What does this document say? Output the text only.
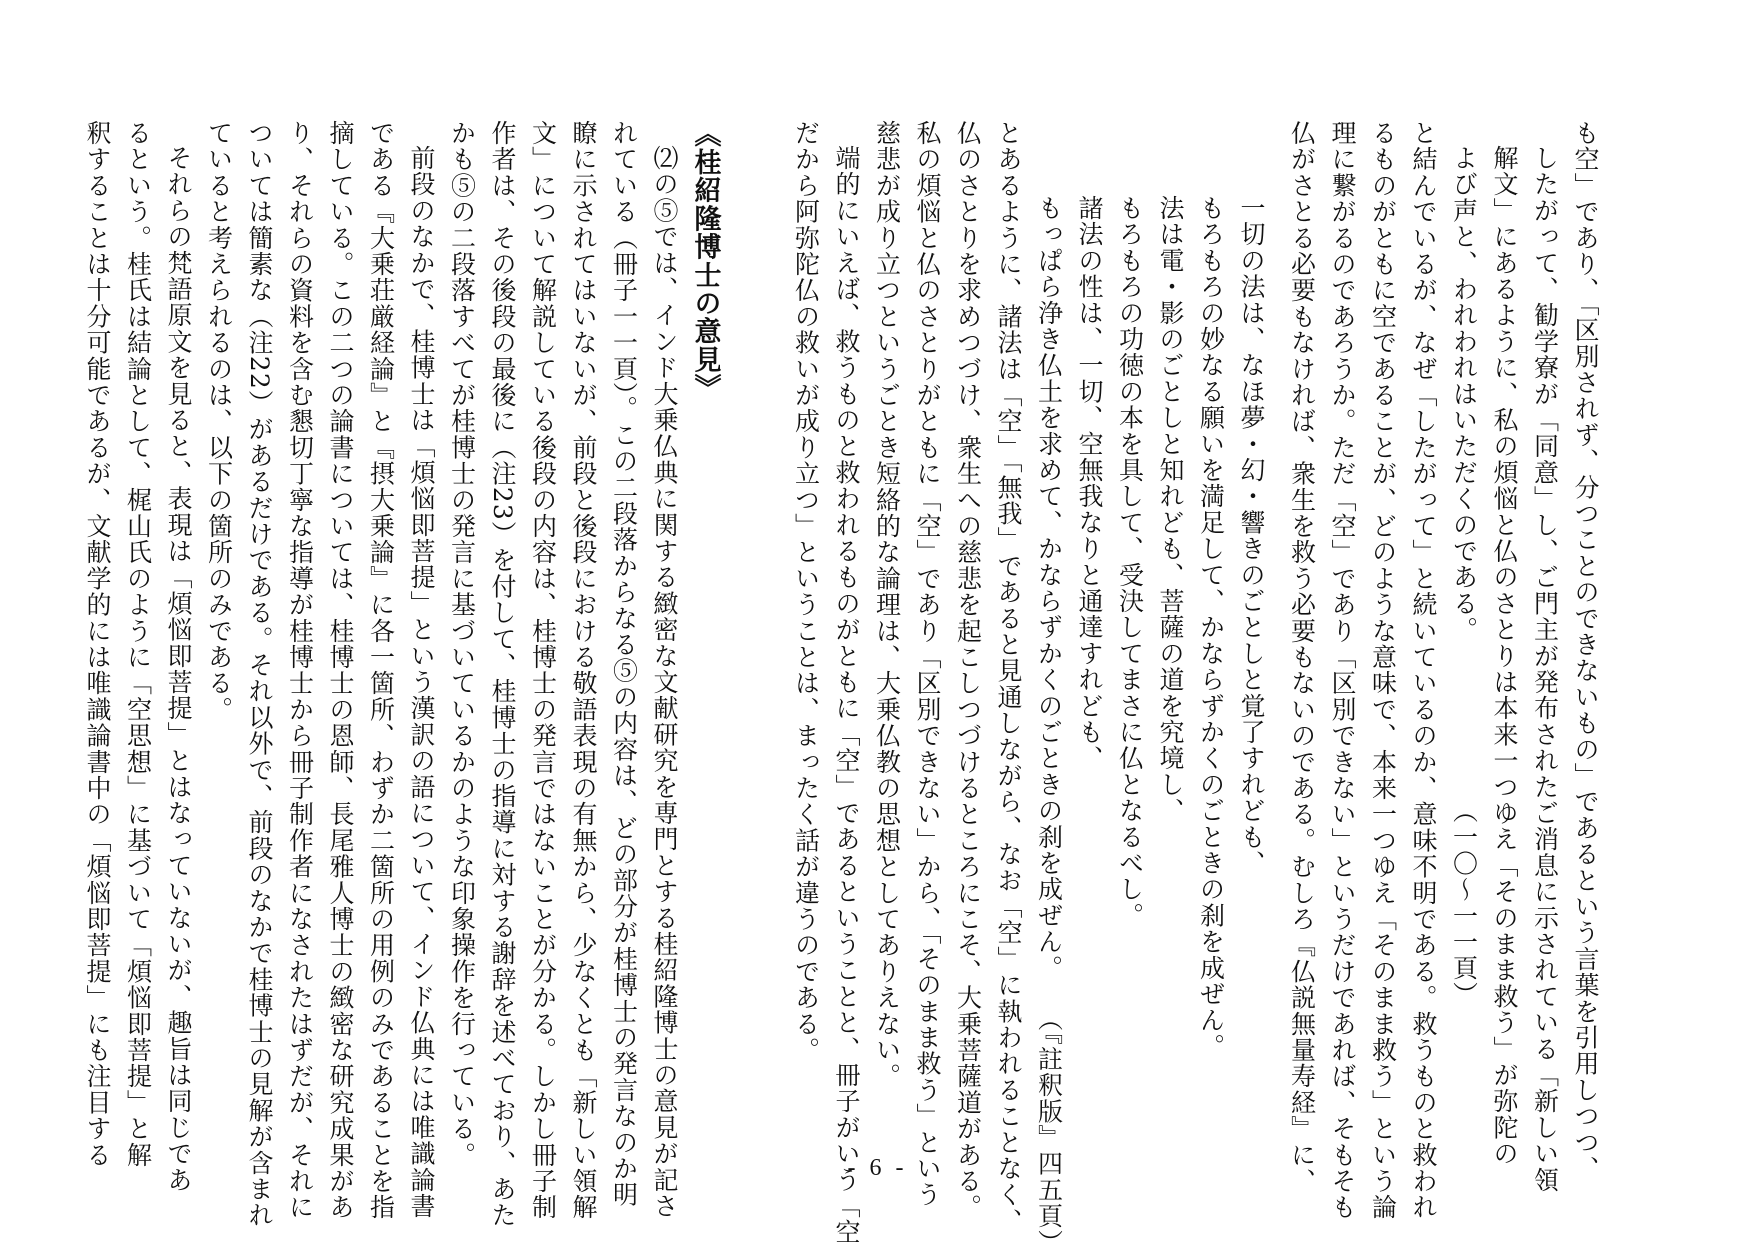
も空」であり、「区別されず、分つことのできないもの」であるという言葉を引用しつつ、
したがって、勧学寮が「同意」し、ご門主が発布されたご消息に示されている「新しい領
解文」にあるように、私の煩悩と仏のさとりは本来一つゆえ「そのまま救う」が弥陀の
よび声と、われわれはいただくのである。（一〇～一一頁）
と結んでいるが、なぜ「したがって」と続いているのか、意味不明である。救うものと救われ
るものがともに空であることが、どのような意味で、本来一つゆえ「そのまま救う」という論
理に繋がるのであろうか。ただ「空」であり「区別できない」というだけであれば、そもそも
仏がさとる必要もなければ、衆生を救う必要もないのである。むしろ『仏説無量寿経』に、
一切の法は、なほ夢・幻・響きのごとしと覚了すれども、
もろもろの妙なる願いを満足して、かならずかくのごときの刹を成ぜん。
法は電・影のごとしと知れども、菩薩の道を究境し、
もろもろの功徳の本を具して、受決してまさに仏となるべし。
諸法の性は、一切、空無我なりと通達すれども、
もっぱら浄き仏土を求めて、かならずかくのごときの刹を成ぜん。（『註釈版』四五頁）
とあるように、諸法は「空」「無我」であると見通しながら、なお「空」に執われることなく、
仏のさとりを求めつづけ、衆生への慈悲を起こしつづけるところにこそ、大乗菩薩道がある。
私の煩悩と仏のさとりがともに「空」であり「区別できない」から、「そのまま救う」という
慈悲が成り立つというごとき短絡的な論理は、大乗仏教の思想としてありえない。
端的にいえば、救うものと救われるものがともに「空」であるということと、冊子がいう「空
だから阿弥陀仏の救いが成り立つ」ということは、まったく話が違うのである。
《桂紹隆博士の意見》
⑵の⑤では、インド大乗仏典に関する緻密な文献研究を専門とする桂紹隆博士の意見が記さ
れている（冊子一一頁）。この二段落からなる⑤の内容は、どの部分が桂博士の発言なのか明
瞭に示されてはいないが、前段と後段における敬語表現の有無から、少なくとも「新しい領解
文」について解説している後段の内容は、桂博士の発言ではないことが分かる。しかし冊子制
作者は、その後段の最後に（注23）を付して、桂博士の指導に対する謝辞を述べており、あた
かも⑤の二段落すべてが桂博士の発言に基づいているかのような印象操作を行っている。
前段のなかで、桂博士は「煩悩即菩提」という漢訳の語について、インド仏典には唯識論書
である『大乗荘厳経論』と『摂大乗論』に各一箇所、わずか二箇所の用例のみであることを指
摘している。この二つの論書については、桂博士の恩師、長尾雅人博士の緻密な研究成果があ
り、それらの資料を含む懇切丁寧な指導が桂博士から冊子制作者になされたはずだが、それに
ついては簡素な（注22）があるだけである。それ以外で、前段のなかで桂博士の見解が含まれ
ていると考えられるのは、以下の箇所のみである。
それらの梵語原文を見ると、表現は「煩悩即菩提」とはなっていないが、趣旨は同じであ
るという。桂氏は結論として、梶山氏のように「空思想」に基づいて「煩悩即菩提」と解
釈することは十分可能であるが、文献学的には唯識論書中の「煩悩即菩提」にも注目する	- 6 -
